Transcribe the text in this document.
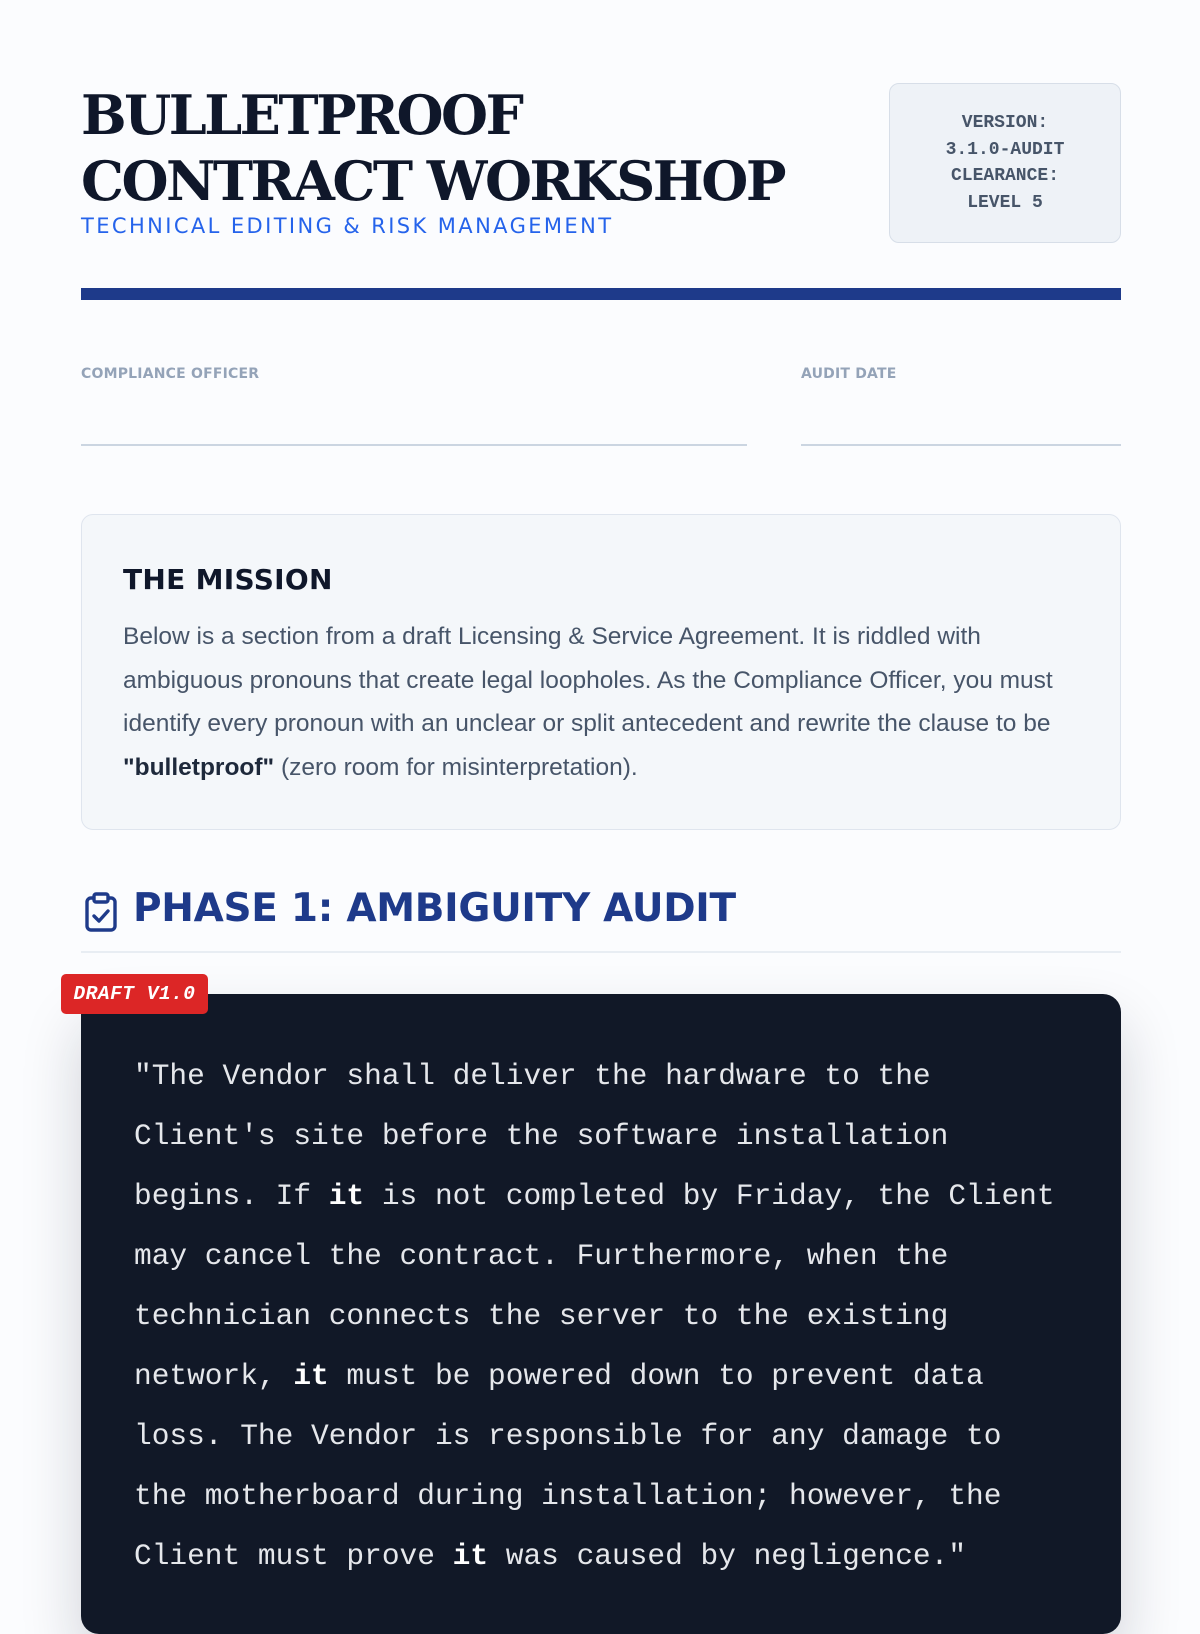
BULLETPROOF CONTRACT WORKSHOP
TECHNICAL EDITING & RISK MANAGEMENT
VERSION:
3.1.0-AUDIT
CLEARANCE:
LEVEL 5
COMPLIANCE OFFICER	AUDIT DATE
THE MISSION
Below is a section from a draft Licensing & Service Agreement. It is riddled with ambiguous pronouns that create legal loopholes. As the Compliance Officer, you must identify every pronoun with an unclear or split antecedent and rewrite the clause to be "bulletproof" (zero room for misinterpretation).
PHASE 1: AMBIGUITY AUDIT
"The Vendor shall deliver the hardware to the Client's site before the software installation begins. If it is not completed by Friday, the Client may cancel the contract. Furthermore, when the technician connects the server to the existing network, it must be powered down to prevent data loss. The Vendor is responsible for any damage to the motherboard during installation; however, the Client must prove it was caused by negligence."
DRAFT V1.0
